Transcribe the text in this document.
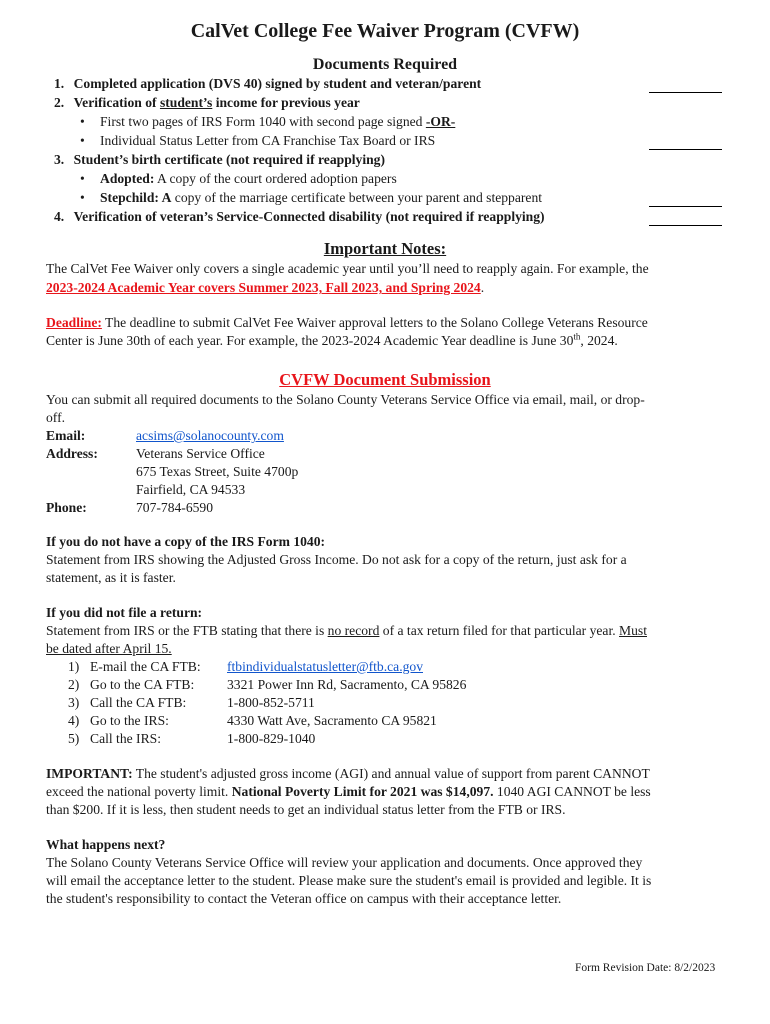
CalVet College Fee Waiver Program (CVFW)
Documents Required
1. Completed application (DVS 40) signed by student and veteran/parent
2. Verification of student’s income for previous year
• First two pages of IRS Form 1040 with second page signed -OR-
• Individual Status Letter from CA Franchise Tax Board or IRS
3. Student’s birth certificate (not required if reapplying)
• Adopted: A copy of the court ordered adoption papers
• Stepchild: A copy of the marriage certificate between your parent and stepparent
4. Verification of veteran’s Service-Connected disability (not required if reapplying)
Important Notes:
The CalVet Fee Waiver only covers a single academic year until you’ll need to reapply again. For example, the
2023-2024 Academic Year covers Summer 2023, Fall 2023, and Spring 2024.
Deadline: The deadline to submit CalVet Fee Waiver approval letters to the Solano College Veterans Resource
Center is June 30th of each year. For example, the 2023-2024 Academic Year deadline is June 30th, 2024.
CVFW Document Submission
You can submit all required documents to the Solano County Veterans Service Office via email, mail, or drop-
off.
Email:	acsims@solanocounty.com
Address:	Veterans Service Office
675 Texas Street, Suite 4700p
Fairfield, CA 94533
Phone:	707-784-6590
If you do not have a copy of the IRS Form 1040:
Statement from IRS showing the Adjusted Gross Income. Do not ask for a copy of the return, just ask for a
statement, as it is faster.
If you did not file a return:
Statement from IRS or the FTB stating that there is no record of a tax return filed for that particular year. Must
be dated after April 15.
1) E-mail the CA FTB: ftbindividualstatusletter@ftb.ca.gov
2) Go to the CA FTB: 3321 Power Inn Rd, Sacramento, CA 95826
3) Call the CA FTB:	1-800-852-5711
4) Go to the IRS:	4330 Watt Ave, Sacramento CA 95821
5) Call the IRS:	1-800-829-1040
IMPORTANT: The student's adjusted gross income (AGI) and annual value of support from parent CANNOT
exceed the national poverty limit. National Poverty Limit for 2021 was $14,097. 1040 AGI CANNOT be less
than $200. If it is less, then student needs to get an individual status letter from the FTB or IRS.
What happens next?
The Solano County Veterans Service Office will review your application and documents. Once approved they
will email the acceptance letter to the student. Please make sure the student's email is provided and legible. It is
the student's responsibility to contact the Veteran office on campus with their acceptance letter.
Form Revision Date: 8/2/2023
